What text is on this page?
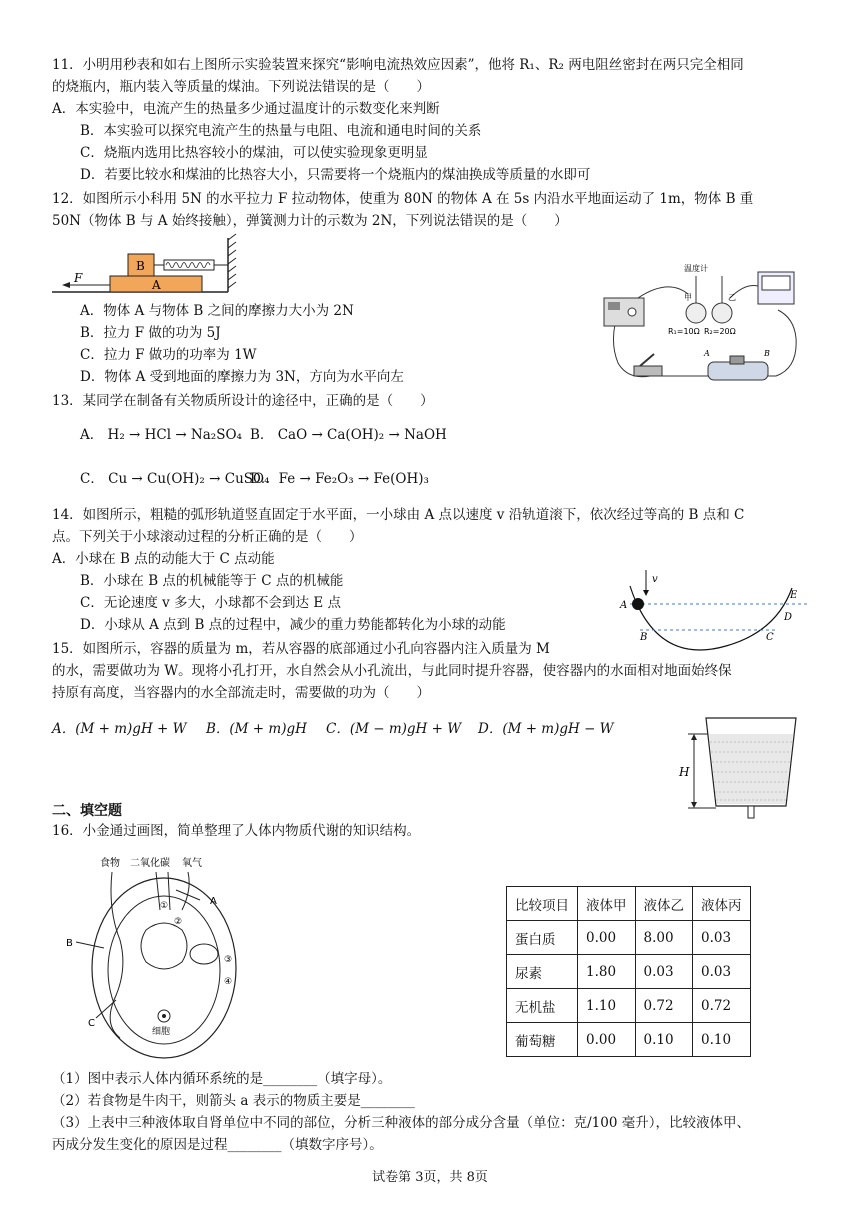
11．小明用秒表和如右上图所示实验装置来探究“影响电流热效应因素”，他将 R₁、R₂ 两电阻丝密封在两只完全相同
的烧瓶内，瓶内装入等质量的煤油。下列说法错误的是（　　）
A．本实验中，电流产生的热量多少通过温度计的示数变化来判断
B．本实验可以探究电流产生的热量与电阻、电流和通电时间的关系
C．烧瓶内选用比热容较小的煤油，可以使实验现象更明显
D．若要比较水和煤油的比热容大小，只需要将一个烧瓶内的煤油换成等质量的水即可
12．如图所示小科用 5N 的水平拉力 F 拉动物体，使重为 80N 的物体 A 在 5s 内沿水平地面运动了 1m，物体 B 重
50N（物体 B 与 A 始终接触），弹簧测力计的示数为 2N，下列说法错误的是（　　）
A
B
F
A．物体 A 与物体 B 之间的摩擦力大小为 2N
B．拉力 F 做的功为 5J
C．拉力 F 做功的功率为 1W
D．物体 A 受到地面的摩擦力为 3N，方向为水平向左
温度计
甲	乙
R₁=10Ω R₂=20Ω
A	B
13．某同学在制备有关物质所设计的途径中，正确的是（　　）
A． H₂ → HCl → Na₂SO₄ B． CaO → Ca(OH)₂ → NaOH
C． Cu → Cu(OH)₂ → CuSO₄
D． Fe → Fe₂O₃ → Fe(OH)₃
14．如图所示，粗糙的弧形轨道竖直固定于水平面，一小球由 A 点以速度 v 沿轨道滚下，依次经过等高的 B 点和 C
点。下列关于小球滚动过程的分析正确的是（　　）
A．小球在 B 点的动能大于 C 点动能
B．小球在 B 点的机械能等于 C 点的机械能
C．无论速度 v 多大，小球都不会到达 E 点
D．小球从 A 点到 B 点的过程中，减少的重力势能都转化为小球的动能
v
A
B	C
D
E
15．如图所示，容器的质量为 m，若从容器的底部通过小孔向容器内注入质量为 M
的水，需要做功为 W。现将小孔打开，水自然会从小孔流出，与此同时提升容器，使容器内的水面相对地面始终保
持原有高度，当容器内的水全部流走时，需要做的功为（　　）
A．(M + m)gH + W B．(M + m)gH C．(M − m)gH + W D．(M + m)gH − W
H
二、填空题
16．小金通过画图，简单整理了人体内物质代谢的知识结构。
食物 二氧化碳 氧气
A
B
C
①
②
③
④
细胞
比较项目	液体甲	液体乙	液体丙
蛋白质	0.00	8.00	0.03
尿素	1.80	0.03	0.03
无机盐	1.10	0.72	0.72
葡萄糖	0.00	0.10	0.10
（1）图中表示人体内循环系统的是________（填字母）。
（2）若食物是牛肉干，则箭头 a 表示的物质主要是________
（3）上表中三种液体取自肾单位中不同的部位，分析三种液体的部分成分含量（单位：克/100 毫升），比较液体甲、
丙成分发生变化的原因是过程________（填数字序号）。
试卷第 3页，共 8页
